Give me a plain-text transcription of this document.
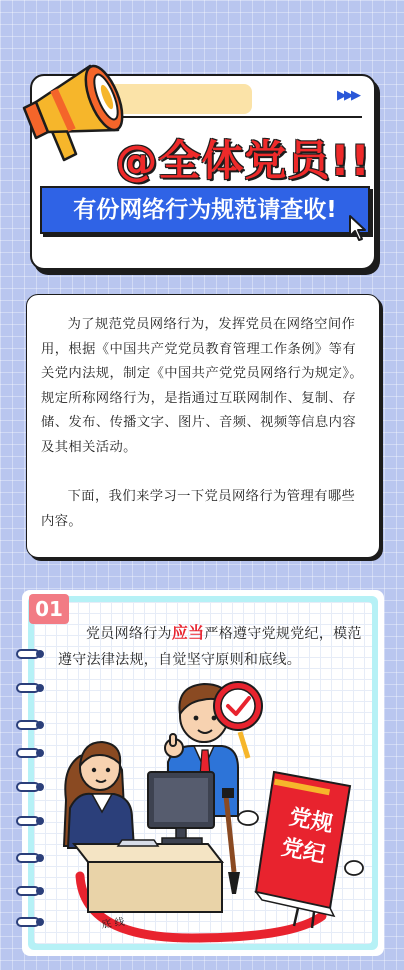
▶▶▶
@全体党员!!
有份网络行为规范请查收!

为了规范党员网络行为，发挥党员在网络空间作用，根据《中国共产党党员教育管理工作条例》等有关党内法规，制定《中国共产党党员网络行为规定》。规定所称网络行为，是指通过互联网制作、复制、存储、发布、传播文字、图片、音频、视频等信息内容及其相关活动。

下面，我们来学习一下党员网络行为管理有哪些内容。

01
党员网络行为应当严格遵守党规党纪，模范遵守法律法规，自觉坚守原则和底线。
底 线
党规
党纪
